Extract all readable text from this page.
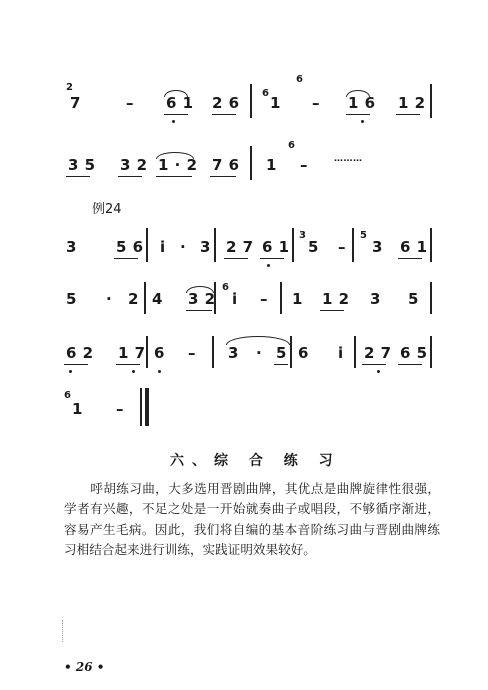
2
7	– 6 1 2 6
6
1
6
– 1 6 1 2
3 5 3 2 1 · 2 7 6
6
1 –	………
例24
3	5 6 i · 3 2 7 6 1
3
5 –
5
3 6 1
5 · 2 4 3 2
6
i – 1 1 2 3 5
6 2 1 7 6 – 3 · 5 6 i 2 7 6 5
6
1 –
六、综 合 练 习

呼胡练习曲，大多选用晋剧曲牌，其优点是曲牌旋律性很强，学者有兴趣，不足之处是一开始就奏曲子或唱段，不够循序渐进，容易产生毛病。因此，我们将自编的基本音阶练习曲与晋剧曲牌练习相结合起来进行训练，实践证明效果较好。

• 26 •
